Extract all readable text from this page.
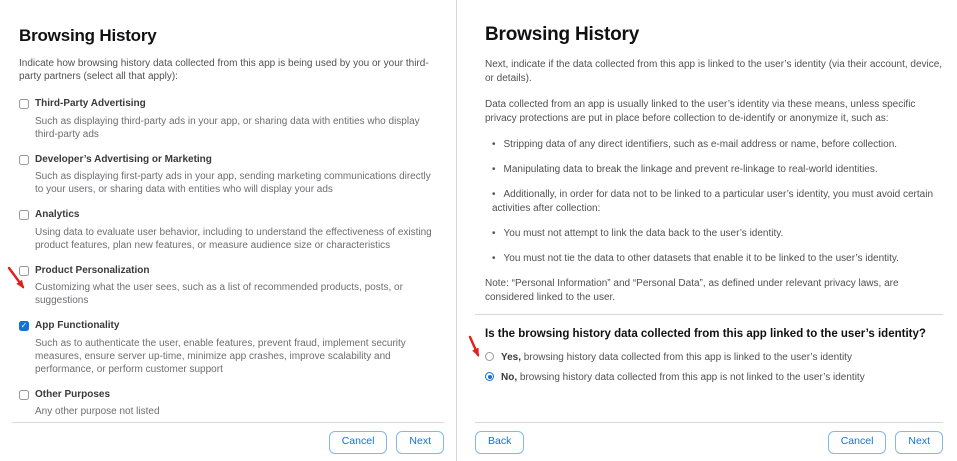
Browsing History

Indicate how browsing history data collected from this app is being used by you or your third-party partners (select all that apply):

Third-Party Advertising

Such as displaying third-party ads in your app, or sharing data with entities who display third-party ads

Developer’s Advertising or Marketing

Such as displaying first-party ads in your app, sending marketing communications directly to your users, or sharing data with entities who will display your ads

Analytics

Using data to evaluate user behavior, including to understand the effectiveness of existing product features, plan new features, or measure audience size or characteristics

Product Personalization

Customizing what the user sees, such as a list of recommended products, posts, or suggestions

✓
App Functionality

Such as to authenticate the user, enable features, prevent fraud, implement security measures, ensure server up-time, minimize app crashes, improve scalability and performance, or perform customer support

Other Purposes

Any other purpose not listed

Cancel	Next
Browsing History

Next, indicate if the data collected from this app is linked to the user’s identity (via their account, device, or details).

Data collected from an app is usually linked to the user’s identity via these means, unless specific privacy protections are put in place before collection to de-identify or anonymize it, such as:

• Stripping data of any direct identifiers, such as e-mail address or name, before collection.

• Manipulating data to break the linkage and prevent re-linkage to real-world identities.

• Additionally, in order for data not to be linked to a particular user’s identity, you must avoid certain activities after collection:

• You must not attempt to link the data back to the user’s identity.

• You must not tie the data to other datasets that enable it to be linked to the user’s identity.

Note: “Personal Information” and “Personal Data”, as defined under relevant privacy laws, are considered linked to the user.

Is the browsing history data collected from this app linked to the user’s identity?

Yes, browsing history data collected from this app is linked to the user’s identity
No, browsing history data collected from this app is not linked to the user’s identity
Back	Cancel	Next
